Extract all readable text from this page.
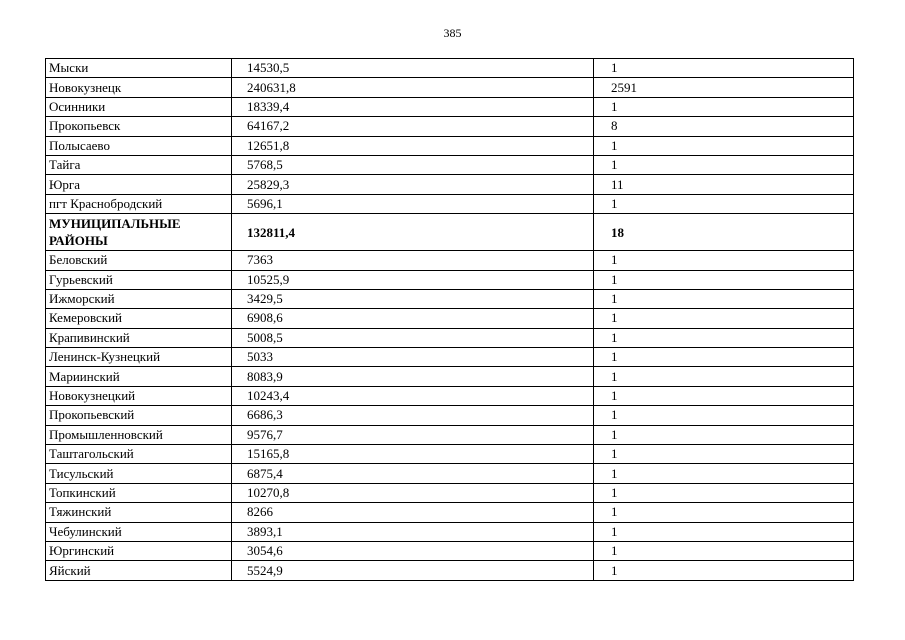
385
Мыски	14530,5	1
Новокузнецк	240631,8	2591
Осинники	18339,4	1
Прокопьевск	64167,2	8
Полысаево	12651,8	1
Тайга	5768,5	1
Юрга	25829,3	11
пгт Краснобродский	5696,1	1
МУНИЦИПАЛЬНЫЕ РАЙОНЫ	132811,4	18
Беловский	7363	1
Гурьевский	10525,9	1
Ижморский	3429,5	1
Кемеровский	6908,6	1
Крапивинский	5008,5	1
Ленинск-Кузнецкий	5033	1
Мариинский	8083,9	1
Новокузнецкий	10243,4	1
Прокопьевский	6686,3	1
Промышленновский	9576,7	1
Таштагольский	15165,8	1
Тисульский	6875,4	1
Топкинский	10270,8	1
Тяжинский	8266	1
Чебулинский	3893,1	1
Юргинский	3054,6	1
Яйский	5524,9	1
